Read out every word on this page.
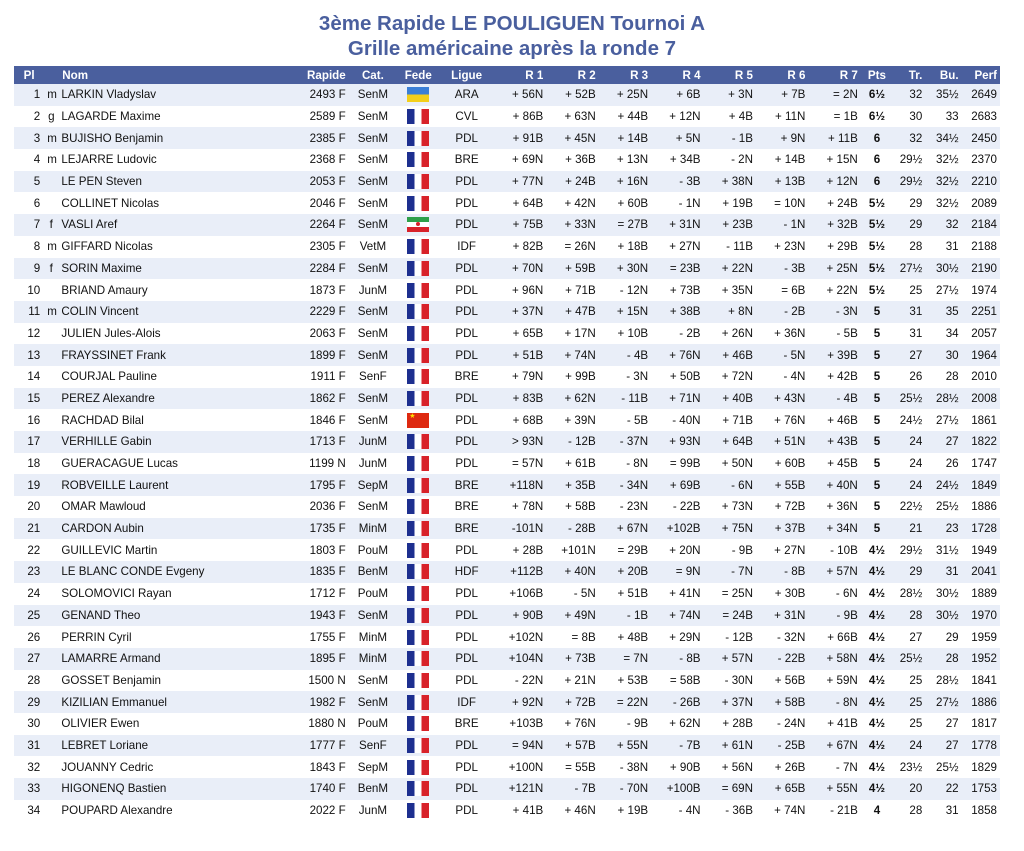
3ème Rapide LE POULIGUEN Tournoi A
Grille américaine après la ronde 7
Pl	Nom		Rapide	Cat.	Fede	Ligue	R 1	R 2	R 3	R 4	R 5	R 6	R 7	Pts	Tr.	Bu.	Perf
1	m	LARKIN Vladyslav	2493 F	SenM		ARA	+ 56N	+ 52B	+ 25N	+ 6B	+ 3N	+ 7B	= 2N	6½	32	35½	2649
2	g	LAGARDE Maxime	2589 F	SenM		CVL	+ 86B	+ 63N	+ 44B	+ 12N	+ 4B	+ 11N	= 1B	6½	30	33	2683
3	m	BUJISHO Benjamin	2385 F	SenM		PDL	+ 91B	+ 45N	+ 14B	+ 5N	- 1B	+ 9N	+ 11B	6	32	34½	2450
4	m	LEJARRE Ludovic	2368 F	SenM		BRE	+ 69N	+ 36B	+ 13N	+ 34B	- 2N	+ 14B	+ 15N	6	29½	32½	2370
5		LE PEN Steven	2053 F	SenM		PDL	+ 77N	+ 24B	+ 16N	- 3B	+ 38N	+ 13B	+ 12N	6	29½	32½	2210
6		COLLINET Nicolas	2046 F	SenM		PDL	+ 64B	+ 42N	+ 60B	- 1N	+ 19B	= 10N	+ 24B	5½	29	32½	2089
7	f	VASLI Aref	2264 F	SenM		PDL	+ 75B	+ 33N	= 27B	+ 31N	+ 23B	- 1N	+ 32B	5½	29	32	2184
8	m	GIFFARD Nicolas	2305 F	VetM		IDF	+ 82B	= 26N	+ 18B	+ 27N	- 11B	+ 23N	+ 29B	5½	28	31	2188
9	f	SORIN Maxime	2284 F	SenM		PDL	+ 70N	+ 59B	+ 30N	= 23B	+ 22N	- 3B	+ 25N	5½	27½	30½	2190
10		BRIAND Amaury	1873 F	JunM		PDL	+ 96N	+ 71B	- 12N	+ 73B	+ 35N	= 6B	+ 22N	5½	25	27½	1974
11	m	COLIN Vincent	2229 F	SenM		PDL	+ 37N	+ 47B	+ 15N	+ 38B	+ 8N	- 2B	- 3N	5	31	35	2251
12		JULIEN Jules-Alois	2063 F	SenM		PDL	+ 65B	+ 17N	+ 10B	- 2B	+ 26N	+ 36N	- 5B	5	31	34	2057
13		FRAYSSINET Frank	1899 F	SenM		PDL	+ 51B	+ 74N	- 4B	+ 76N	+ 46B	- 5N	+ 39B	5	27	30	1964
14		COURJAL Pauline	1911 F	SenF		BRE	+ 79N	+ 99B	- 3N	+ 50B	+ 72N	- 4N	+ 42B	5	26	28	2010
15		PEREZ Alexandre	1862 F	SenM		PDL	+ 83B	+ 62N	- 11B	+ 71N	+ 40B	+ 43N	- 4B	5	25½	28½	2008
16		RACHDAD Bilal	1846 F	SenM	★	PDL	+ 68B	+ 39N	- 5B	- 40N	+ 71B	+ 76N	+ 46B	5	24½	27½	1861
17		VERHILLE Gabin	1713 F	JunM		PDL	> 93N	- 12B	- 37N	+ 93N	+ 64B	+ 51N	+ 43B	5	24	27	1822
18		GUERACAGUE Lucas	1199 N	JunM		PDL	= 57N	+ 61B	- 8N	= 99B	+ 50N	+ 60B	+ 45B	5	24	26	1747
19		ROBVEILLE Laurent	1795 F	SepM		BRE	+118N	+ 35B	- 34N	+ 69B	- 6N	+ 55B	+ 40N	5	24	24½	1849
20		OMAR Mawloud	2036 F	SenM		BRE	+ 78N	+ 58B	- 23N	- 22B	+ 73N	+ 72B	+ 36N	5	22½	25½	1886
21		CARDON Aubin	1735 F	MinM		BRE	-101N	- 28B	+ 67N	+102B	+ 75N	+ 37B	+ 34N	5	21	23	1728
22		GUILLEVIC Martin	1803 F	PouM		PDL	+ 28B	+101N	= 29B	+ 20N	- 9B	+ 27N	- 10B	4½	29½	31½	1949
23		LE BLANC CONDE Evgeny	1835 F	BenM		HDF	+112B	+ 40N	+ 20B	= 9N	- 7N	- 8B	+ 57N	4½	29	31	2041
24		SOLOMOVICI Rayan	1712 F	PouM		PDL	+106B	- 5N	+ 51B	+ 41N	= 25N	+ 30B	- 6N	4½	28½	30½	1889
25		GENAND Theo	1943 F	SenM		PDL	+ 90B	+ 49N	- 1B	+ 74N	= 24B	+ 31N	- 9B	4½	28	30½	1970
26		PERRIN Cyril	1755 F	MinM		PDL	+102N	= 8B	+ 48B	+ 29N	- 12B	- 32N	+ 66B	4½	27	29	1959
27		LAMARRE Armand	1895 F	MinM		PDL	+104N	+ 73B	= 7N	- 8B	+ 57N	- 22B	+ 58N	4½	25½	28	1952
28		GOSSET Benjamin	1500 N	SenM		PDL	- 22N	+ 21N	+ 53B	= 58B	- 30N	+ 56B	+ 59N	4½	25	28½	1841
29		KIZILIAN Emmanuel	1982 F	SenM		IDF	+ 92N	+ 72B	= 22N	- 26B	+ 37N	+ 58B	- 8N	4½	25	27½	1886
30		OLIVIER Ewen	1880 N	PouM		BRE	+103B	+ 76N	- 9B	+ 62N	+ 28B	- 24N	+ 41B	4½	25	27	1817
31		LEBRET Loriane	1777 F	SenF		PDL	= 94N	+ 57B	+ 55N	- 7B	+ 61N	- 25B	+ 67N	4½	24	27	1778
32		JOUANNY Cedric	1843 F	SepM		PDL	+100N	= 55B	- 38N	+ 90B	+ 56N	+ 26B	- 7N	4½	23½	25½	1829
33		HIGONENQ Bastien	1740 F	BenM		PDL	+121N	- 7B	- 70N	+100B	= 69N	+ 65B	+ 55N	4½	20	22	1753
34		POUPARD Alexandre	2022 F	JunM		PDL	+ 41B	+ 46N	+ 19B	- 4N	- 36B	+ 74N	- 21B	4	28	31	1858
